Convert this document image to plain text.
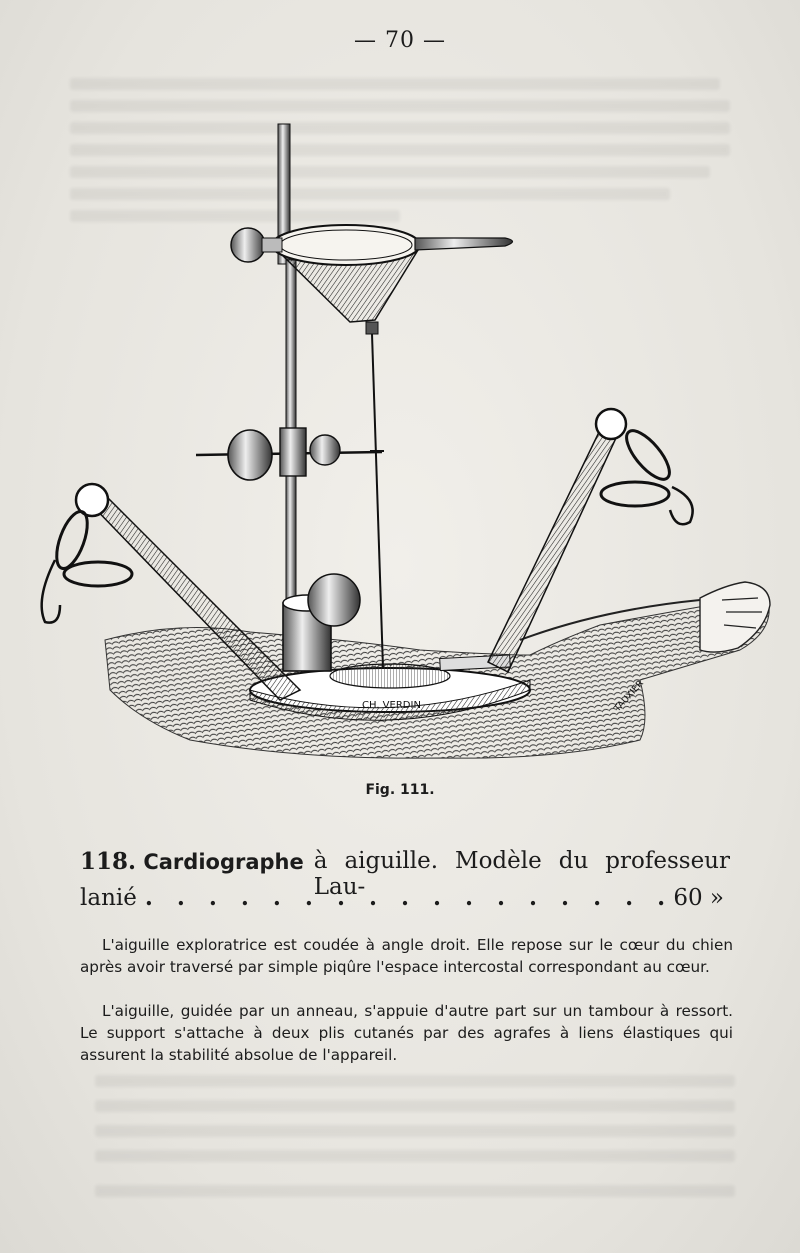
— 70 —
CH. VERDIN	TAUXIER
Fig. 111.
118. Cardiographe à aiguille. Modèle du professeur Lau-
lanié
. . .	60 »
L'aiguille exploratrice est coudée à angle droit. Elle repose sur le cœur du chien après avoir traversé par simple piqûre l'espace intercostal correspondant au cœur.
L'aiguille, guidée par un anneau, s'appuie d'autre part sur un tambour à ressort. Le support s'attache à deux plis cutanés par des agrafes à liens élastiques qui assurent la stabilité absolue de l'appareil.
